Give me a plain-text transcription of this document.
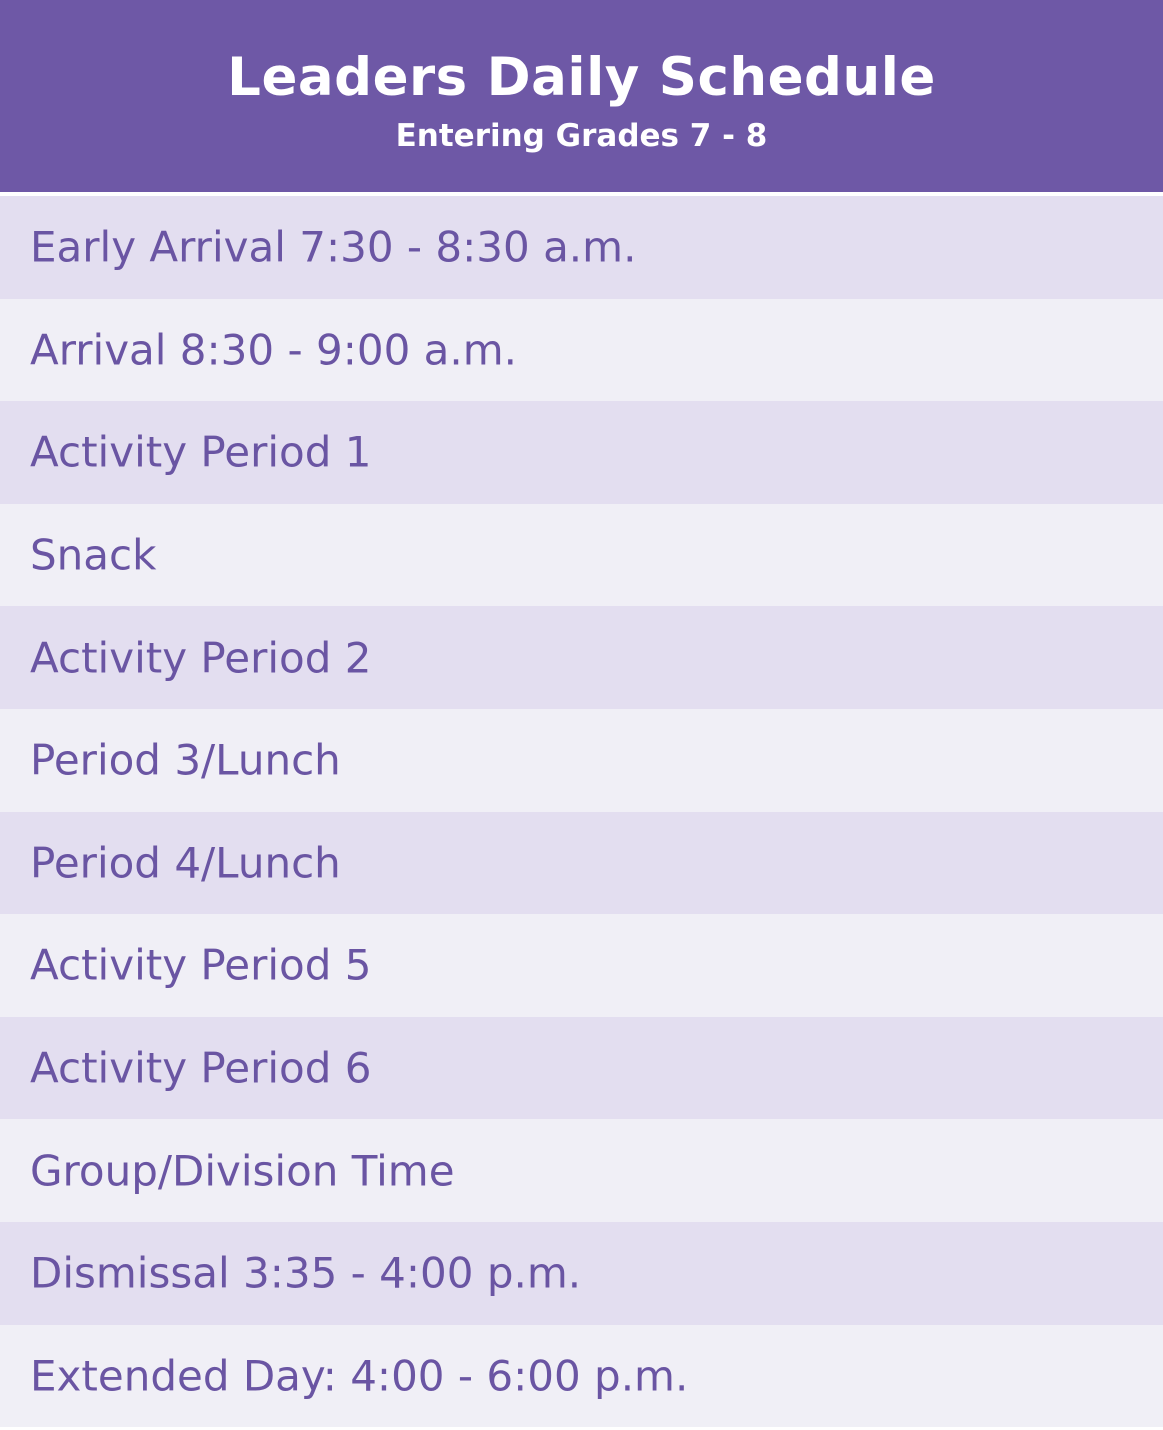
Leaders Daily Schedule
Entering Grades 7 - 8
Early Arrival 7:30 - 8:30 a.m.
Arrival 8:30 - 9:00 a.m.
Activity Period 1
Snack
Activity Period 2
Period 3/Lunch
Period 4/Lunch
Activity Period 5
Activity Period 6
Group/Division Time
Dismissal 3:35 - 4:00 p.m.
Extended Day: 4:00 - 6:00 p.m.
